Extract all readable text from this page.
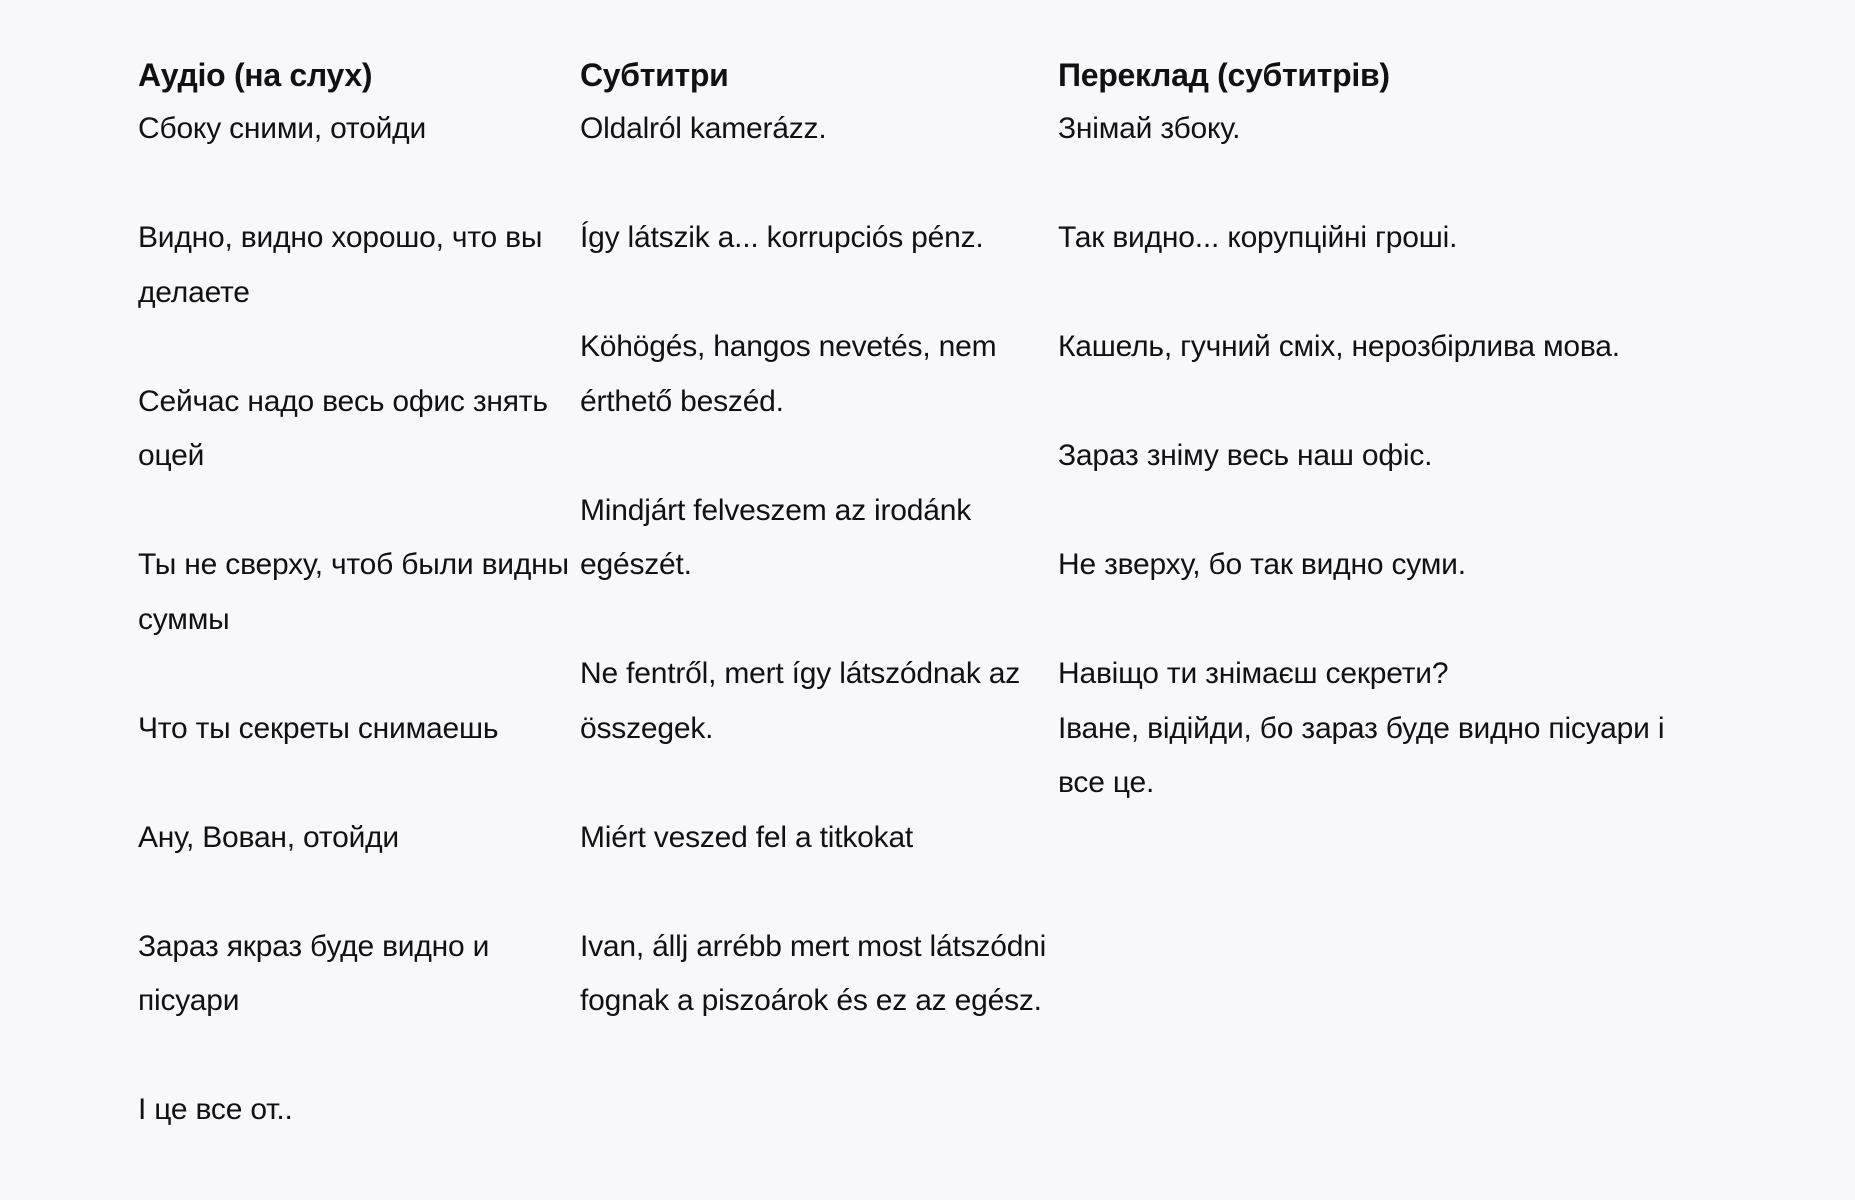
Аудіо (на слух)

Сбоку сними, отойди

Видно, видно хорошо, что вы делаете

Сейчас надо весь офис знять оцей

Ты не сверху, чтоб были видны суммы

Что ты секреты снимаешь

Ану, Вован, отойди

Зараз якраз буде видно и пісуари

І це все от..

Субтитри

Oldalról kamerázz.

Így látszik a... korrupciós pénz.

Köhögés, hangos nevetés, nem érthető beszéd.

Mindjárt felveszem az irodánk egészét.

Ne fentről, mert így látszódnak az összegek.

Miért veszed fel a titkokat

Ivan, állj arrébb mert most látszódni fognak a piszoárok és ez az egész.

Переклад (субтитрів)

Знімай збоку.

Так видно... корупційні гроші.

Кашель, гучний сміх, нерозбірлива мова.

Зараз зніму весь наш офіс.

Не зверху, бо так видно суми.

Навіщо ти знімаєш секрети?

Іване, відійди, бо зараз буде видно пісуари і все це.
